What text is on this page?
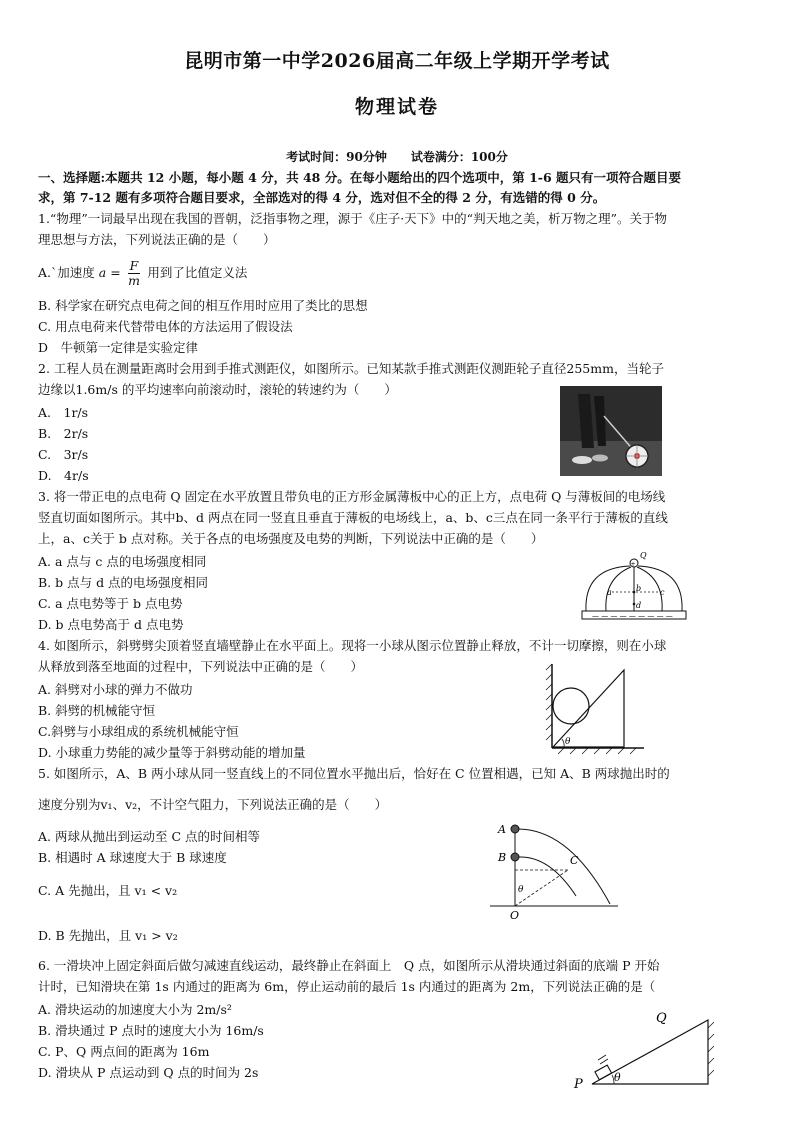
昆明市第一中学2026届高二年级上学期开学考试
物理试卷
考试时间：90分钟　　试卷满分：100分
一、选择题:本题共 12 小题，每小题 4 分，共 48 分。在每小题给出的四个选项中，第 1-6 题只有一项符合题目要
求，第 7-12 题有多项符合题目要求，全部选对的得 4 分，选对但不全的得 2 分，有选错的得 0 分。
1.“物理”一词最早出现在我国的晋朝，泛指事物之理，源于《庄子·天下》中的“判天地之美，析万物之理”。关于物
理思想与方法，下列说法正确的是（　　）
A.`加速度 $a = \frac{F}{m}$ 用到了比值定义法
B. 科学家在研究点电荷之间的相互作用时应用了类比的思想
C. 用点电荷来代替带电体的方法运用了假设法
D　牛顿第一定律是实验定律
2. 工程人员在测量距离时会用到手推式测距仪，如图所示。已知某款手推式测距仪测距轮子直径255mm，当轮子
边缘以1.6m/s 的平均速率向前滚动时，滚轮的转速约为（　　）
A.　1r/s
B.　2r/s
C.　3r/s
D.　4r/s
3. 将一带正电的点电荷 Q 固定在水平放置且带负电的正方形金属薄板中心的正上方，点电荷 Q 与薄板间的电场线
竖直切面如图所示。其中b、d 两点在同一竖直且垂直于薄板的电场线上，a、b、c三点在同一条平行于薄板的直线
上，a、c关于 b 点对称。关于各点的电场强度及电势的判断，下列说法中正确的是（　　）
A. a 点与 c 点的电场强度相同
B. b 点与 d 点的电场强度相同
C. a 点电势等于 b 点电势
D. b 点电势高于 d 点电势
— — — — — — — — —
+
Q
a	b c
d
4. 如图所示，斜劈劈尖顶着竖直墙壁静止在水平面上。现将一小球从图示位置静止释放，不计一切摩擦，则在小球
从释放到落至地面的过程中，下列说法中正确的是（　　）
A. 斜劈对小球的弹力不做功
B. 斜劈的机械能守恒
C.斜劈与小球组成的系统机械能守恒
D. 小球重力势能的减少量等于斜劈动能的增加量
θ
5. 如图所示，A、B 两小球从同一竖直线上的不同位置水平抛出后，恰好在 C 位置相遇，已知 A、B 两球抛出时的
速度分别为v₁、v₂，不计空气阻力，下列说法正确的是（　　）
A. 两球从抛出到运动至 C 点的时间相等
B. 相遇时 A 球速度大于 B 球速度
C. A 先抛出，且 v₁ < v₂
D. B 先抛出，且 v₁ > v₂
A
B	C
O
θ
6. 一滑块冲上固定斜面后做匀减速直线运动，最终静止在斜面上　Q 点，如图所示从滑块通过斜面的底端 P 开始
计时，已知滑块在第 1s 内通过的距离为 6m，停止运动前的最后 1s 内通过的距离为 2m，下列说法正确的是（
A. 滑块运动的加速度大小为 2m/s²
B. 滑块通过 P 点时的速度大小为 16m/s
C. P、Q 两点间的距离为 16m
D. 滑块从 P 点运动到 Q 点的时间为 2s	θ
P
Q
